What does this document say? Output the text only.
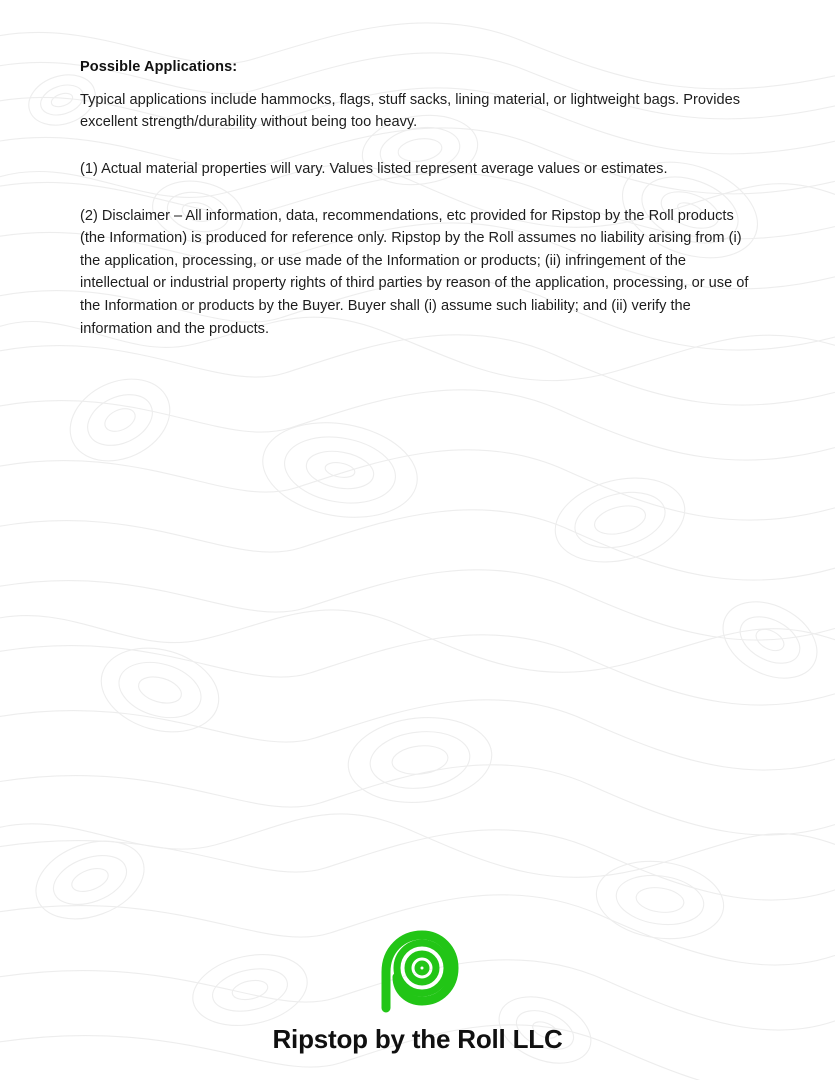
Possible Applications:

Typical applications include hammocks, flags, stuff sacks, lining material, or lightweight bags. Provides excellent strength/durability without being too heavy.

(1) Actual material properties will vary. Values listed represent average values or estimates.

(2) Disclaimer – All information, data, recommendations, etc provided for Ripstop by the Roll products (the Information) is produced for reference only. Ripstop by the Roll assumes no liability arising from (i) the application, processing, or use made of the Information or products; (ii) infringement of the intellectual or industrial property rights of third parties by reason of the application, processing, or use of the Information or products by the Buyer. Buyer shall (i) assume such liability; and (ii) verify the information and the products.

Ripstop by the Roll LLC
